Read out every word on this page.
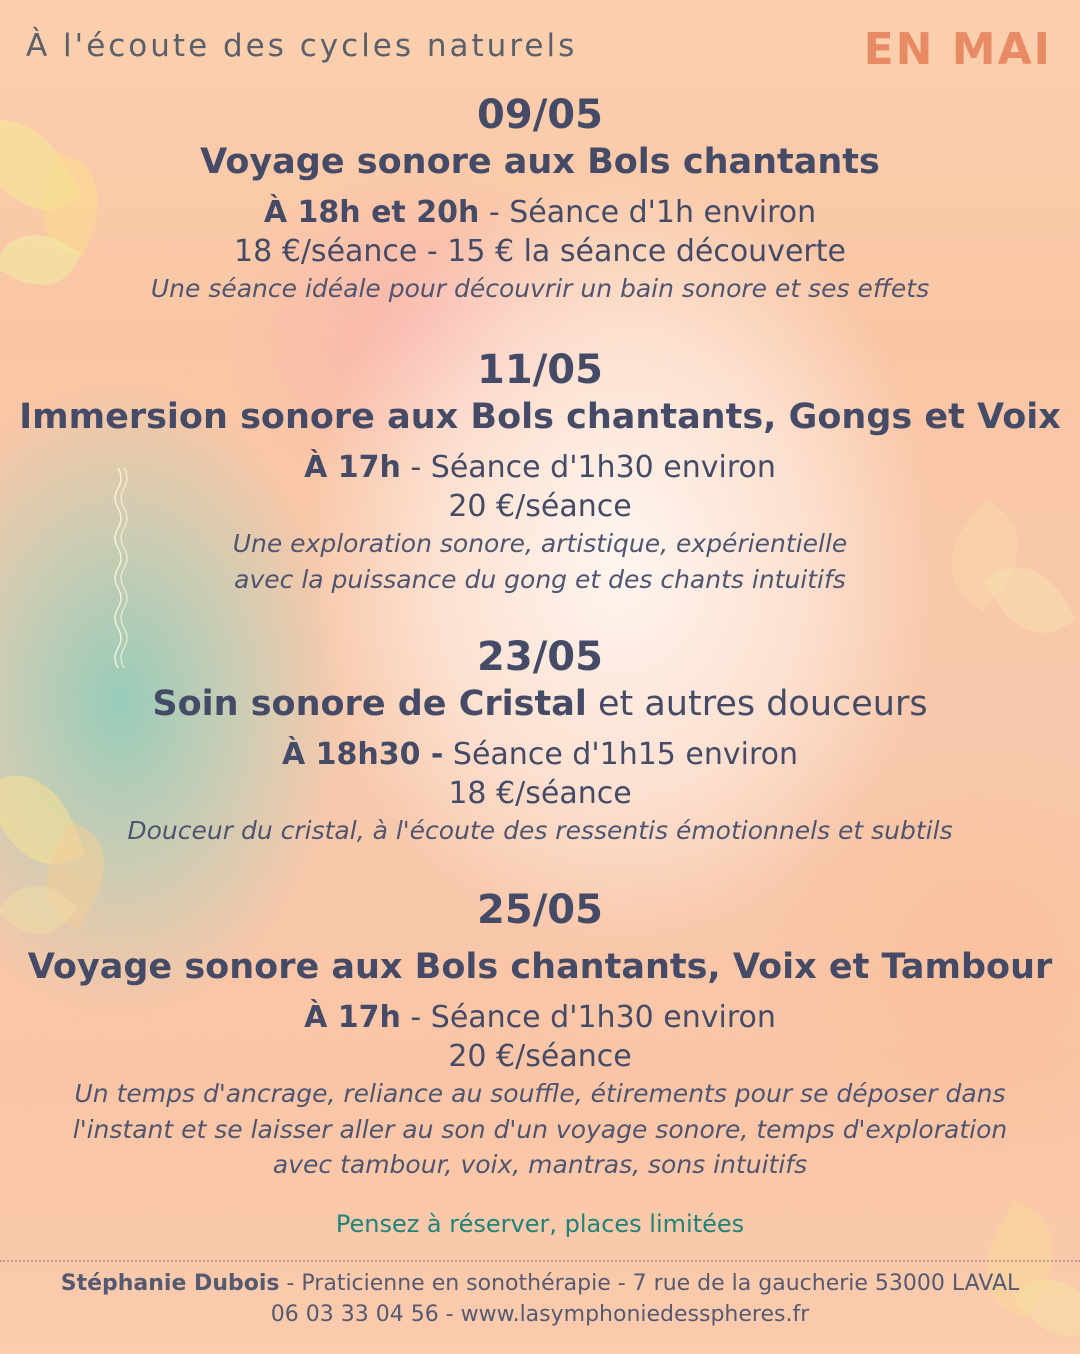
À l'écoute des cycles naturels	EN MAI
09/05
Voyage sonore aux Bols chantants
À 18h et 20h - Séance d'1h environ
18 €/séance - 15 € la séance découverte
Une séance idéale pour découvrir un bain sonore et ses effets
11/05
Immersion sonore aux Bols chantants, Gongs et Voix
À 17h - Séance d'1h30 environ
20 €/séance
Une exploration sonore, artistique, expérientielle
avec la puissance du gong et des chants intuitifs
23/05
Soin sonore de Cristal et autres douceurs
À 18h30 - Séance d'1h15 environ
18 €/séance
Douceur du cristal, à l'écoute des ressentis émotionnels et subtils
25/05
Voyage sonore aux Bols chantants, Voix et Tambour
À 17h - Séance d'1h30 environ
20 €/séance
Un temps d'ancrage, reliance au souffle, étirements pour se déposer dans
l'instant et se laisser aller au son d'un voyage sonore, temps d'exploration
avec tambour, voix, mantras, sons intuitifs
Pensez à réserver, places limitées
Stéphanie Dubois - Praticienne en sonothérapie - 7 rue de la gaucherie 53000 LAVAL
06 03 33 04 56 - www.lasymphoniedesspheres.fr
